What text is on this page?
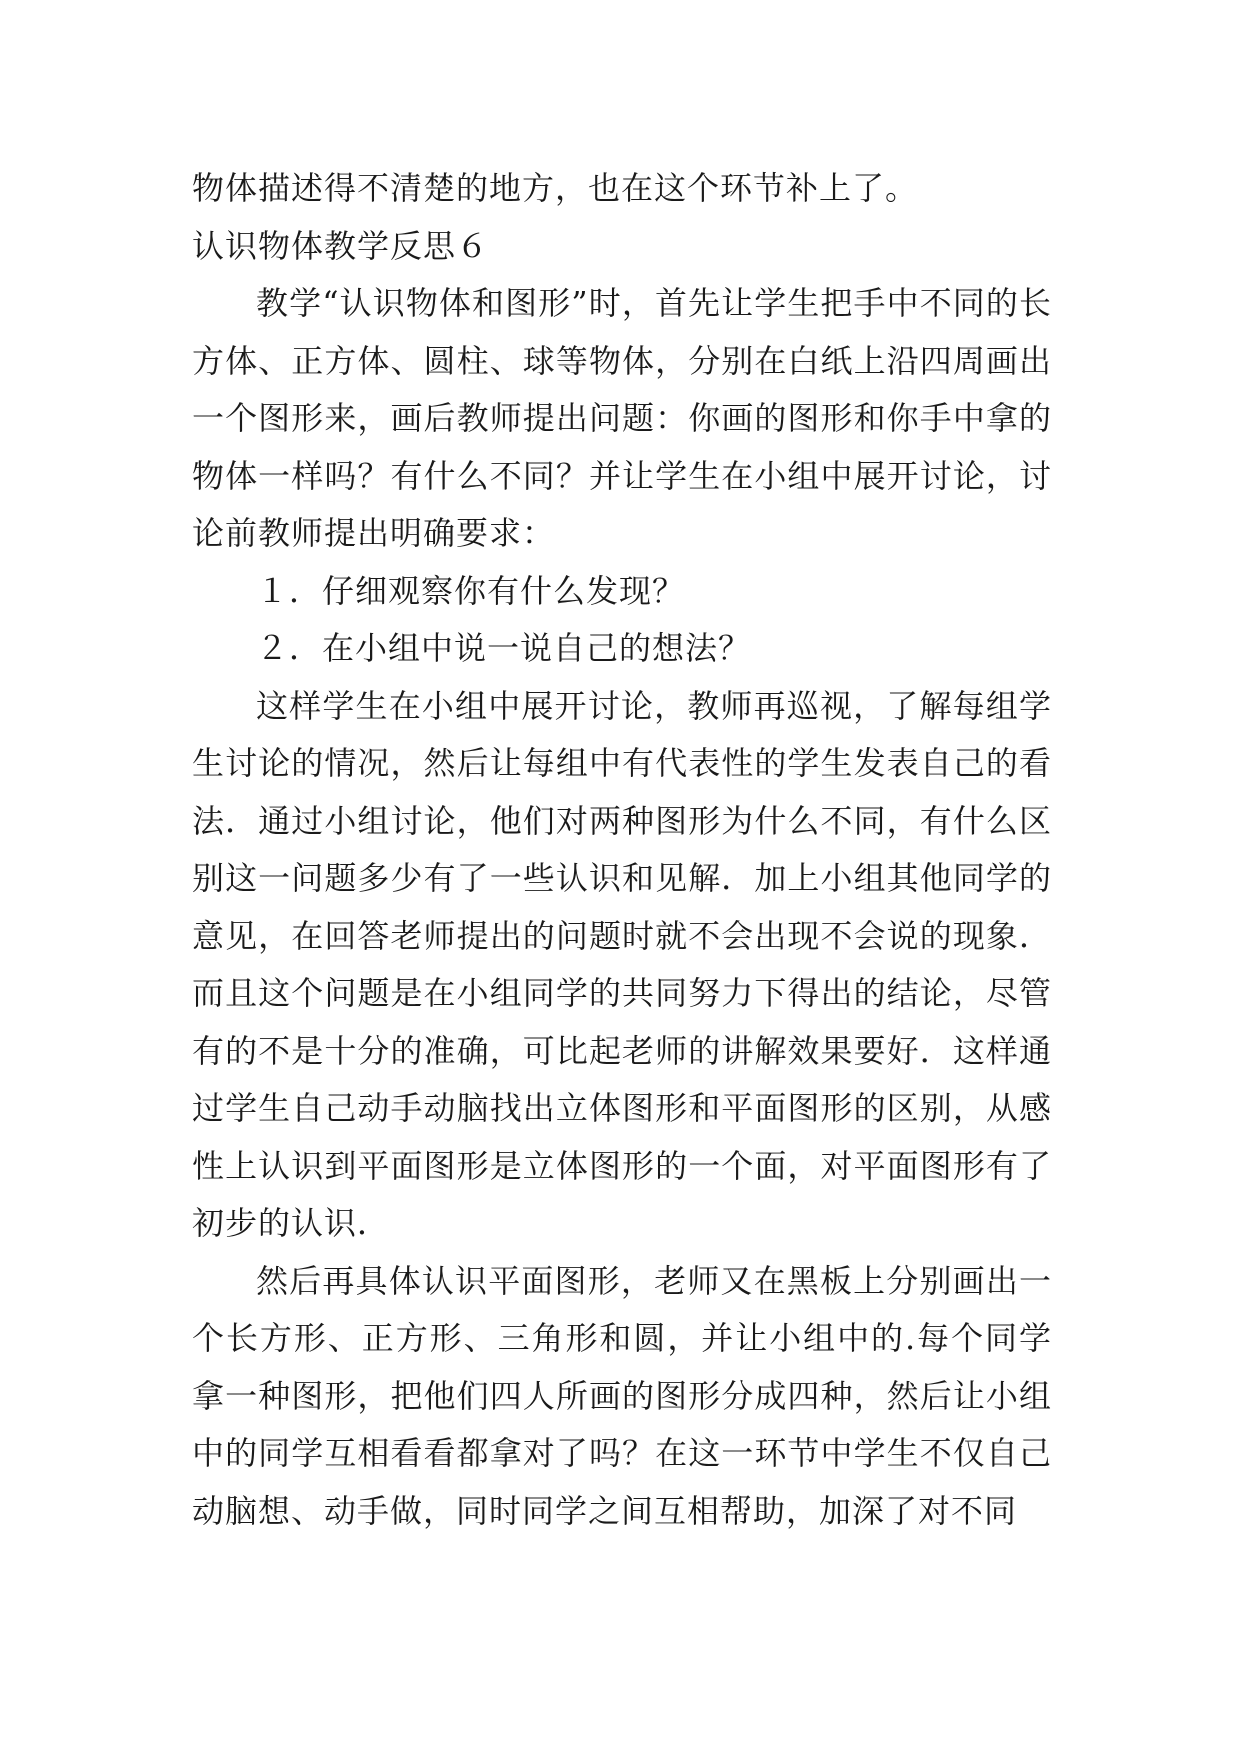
物体描述得不清楚的地方，也在这个环节补上了。

认识物体教学反思６

教学“认识物体和图形”时，首先让学生把手中不同的长方体、正方体、圆柱、球等物体，分别在白纸上沿四周画出一个图形来，画后教师提出问题：你画的图形和你手中拿的物体一样吗？有什么不同？并让学生在小组中展开讨论，讨论前教师提出明确要求：

１．仔细观察你有什么发现？

２．在小组中说一说自己的想法？

这样学生在小组中展开讨论，教师再巡视，了解每组学生讨论的情况，然后让每组中有代表性的学生发表自己的看法．通过小组讨论，他们对两种图形为什么不同，有什么区别这一问题多少有了一些认识和见解．加上小组其他同学的意见，在回答老师提出的问题时就不会出现不会说的现象．而且这个问题是在小组同学的共同努力下得出的结论，尽管有的不是十分的准确，可比起老师的讲解效果要好．这样通过学生自己动手动脑找出立体图形和平面图形的区别，从感性上认识到平面图形是立体图形的一个面，对平面图形有了初步的认识．

然后再具体认识平面图形，老师又在黑板上分别画出一个长方形、正方形、三角形和圆，并让小组中的.每个同学拿一种图形，把他们四人所画的图形分成四种，然后让小组中的同学互相看看都拿对了吗？在这一环节中学生不仅自己动脑想、动手做，同时同学之间互相帮助，加深了对不同
